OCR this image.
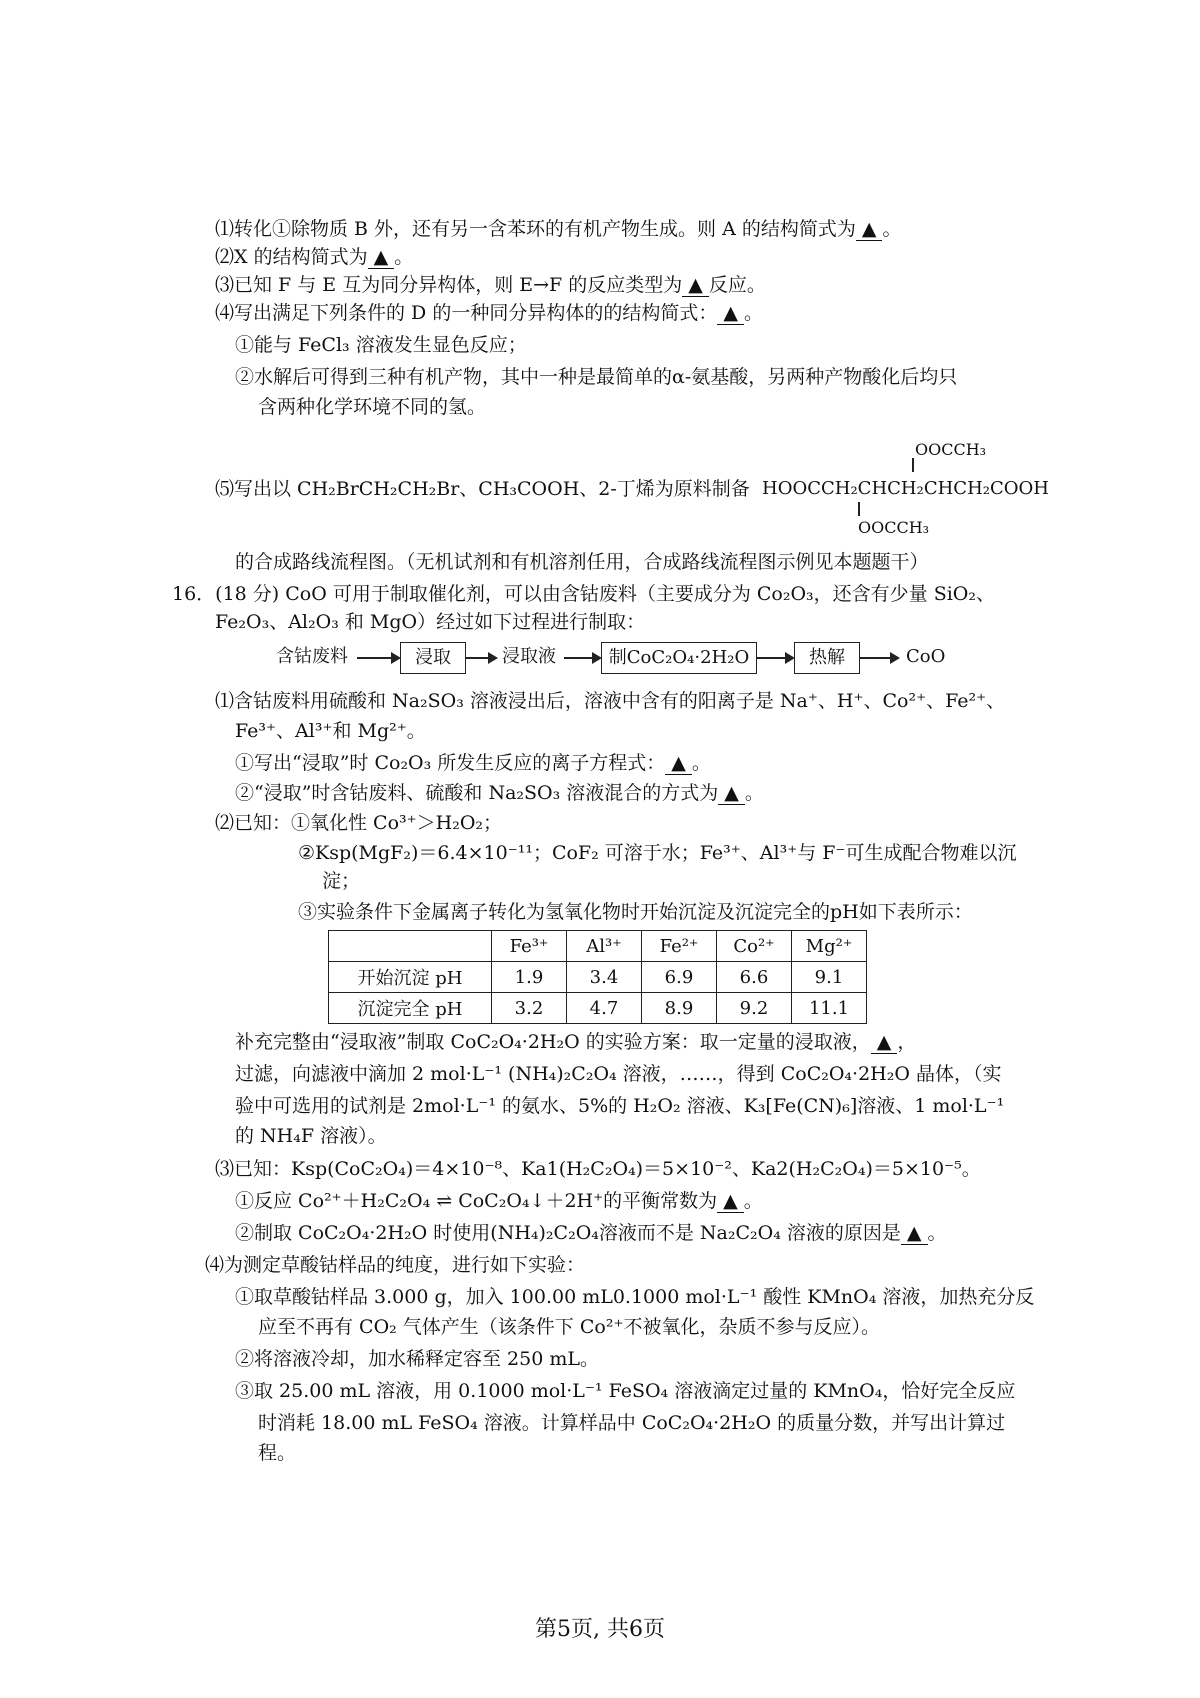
⑴转化①除物质 B 外，还有另一含苯环的有机产物生成。则 A 的结构简式为 ▲ 。
⑵X 的结构简式为 ▲ 。
⑶已知 F 与 E 互为同分异构体，则 E→F 的反应类型为 ▲ 反应。
⑷写出满足下列条件的 D 的一种同分异构体的的结构简式： ▲ 。
①能与 FeCl₃ 溶液发生显色反应；
②水解后可得到三种有机产物，其中一种是最简单的α-氨基酸，另两种产物酸化后均只
含两种化学环境不同的氢。
OOCCH₃
⑸写出以 CH₂BrCH₂CH₂Br、CH₃COOH、2-丁烯为原料制备 HOOCCH₂CHCH₂CHCH₂COOH
OOCCH₃
的合成路线流程图。（无机试剂和有机溶剂任用，合成路线流程图示例见本题题干）
16．(18 分) CoO 可用于制取催化剂，可以由含钴废料（主要成分为 Co₂O₃，还含有少量 SiO₂、
Fe₂O₃、Al₂O₃ 和 MgO）经过如下过程进行制取：
含钴废料	浸取	浸取液	制CoC₂O₄·2H₂O	热解	CoO
⑴含钴废料用硫酸和 Na₂SO₃ 溶液浸出后，溶液中含有的阳离子是 Na⁺、H⁺、Co²⁺、Fe²⁺、
Fe³⁺、Al³⁺和 Mg²⁺。
①写出“浸取”时 Co₂O₃ 所发生反应的离子方程式： ▲ 。
②“浸取”时含钴废料、硫酸和 Na₂SO₃ 溶液混合的方式为 ▲ 。
⑵已知：①氧化性 Co³⁺＞H₂O₂；
②Ksp(MgF₂)＝6.4×10⁻¹¹；CoF₂ 可溶于水；Fe³⁺、Al³⁺与 F⁻可生成配合物难以沉
淀；
③实验条件下金属离子转化为氢氧化物时开始沉淀及沉淀完全的pH如下表所示：
	Fe³⁺	Al³⁺	Fe²⁺	Co²⁺	Mg²⁺
开始沉淀 pH	1.9	3.4	6.9	6.6	9.1
沉淀完全 pH	3.2	4.7	8.9	9.2	11.1
补充完整由“浸取液”制取 CoC₂O₄·2H₂O 的实验方案：取一定量的浸取液， ▲ ，
过滤，向滤液中滴加 2 mol·L⁻¹ (NH₄)₂C₂O₄ 溶液，……，得到 CoC₂O₄·2H₂O 晶体，（实
验中可选用的试剂是 2mol·L⁻¹ 的氨水、5%的 H₂O₂ 溶液、K₃[Fe(CN)₆]溶液、1 mol·L⁻¹
的 NH₄F 溶液）。
⑶已知：Ksp(CoC₂O₄)＝4×10⁻⁸、Ka1(H₂C₂O₄)＝5×10⁻²、Ka2(H₂C₂O₄)＝5×10⁻⁵。
①反应 Co²⁺＋H₂C₂O₄ ⇌ CoC₂O₄↓＋2H⁺的平衡常数为 ▲ 。
②制取 CoC₂O₄·2H₂O 时使用(NH₄)₂C₂O₄溶液而不是 Na₂C₂O₄ 溶液的原因是 ▲ 。
⑷为测定草酸钴样品的纯度，进行如下实验：
①取草酸钴样品 3.000 g，加入 100.00 mL0.1000 mol·L⁻¹ 酸性 KMnO₄ 溶液，加热充分反
应至不再有 CO₂ 气体产生（该条件下 Co²⁺不被氧化，杂质不参与反应）。
②将溶液冷却，加水稀释定容至 250 mL。
③取 25.00 mL 溶液，用 0.1000 mol·L⁻¹ FeSO₄ 溶液滴定过量的 KMnO₄，恰好完全反应
时消耗 18.00 mL FeSO₄ 溶液。计算样品中 CoC₂O₄·2H₂O 的质量分数，并写出计算过
程。
第5页, 共6页
